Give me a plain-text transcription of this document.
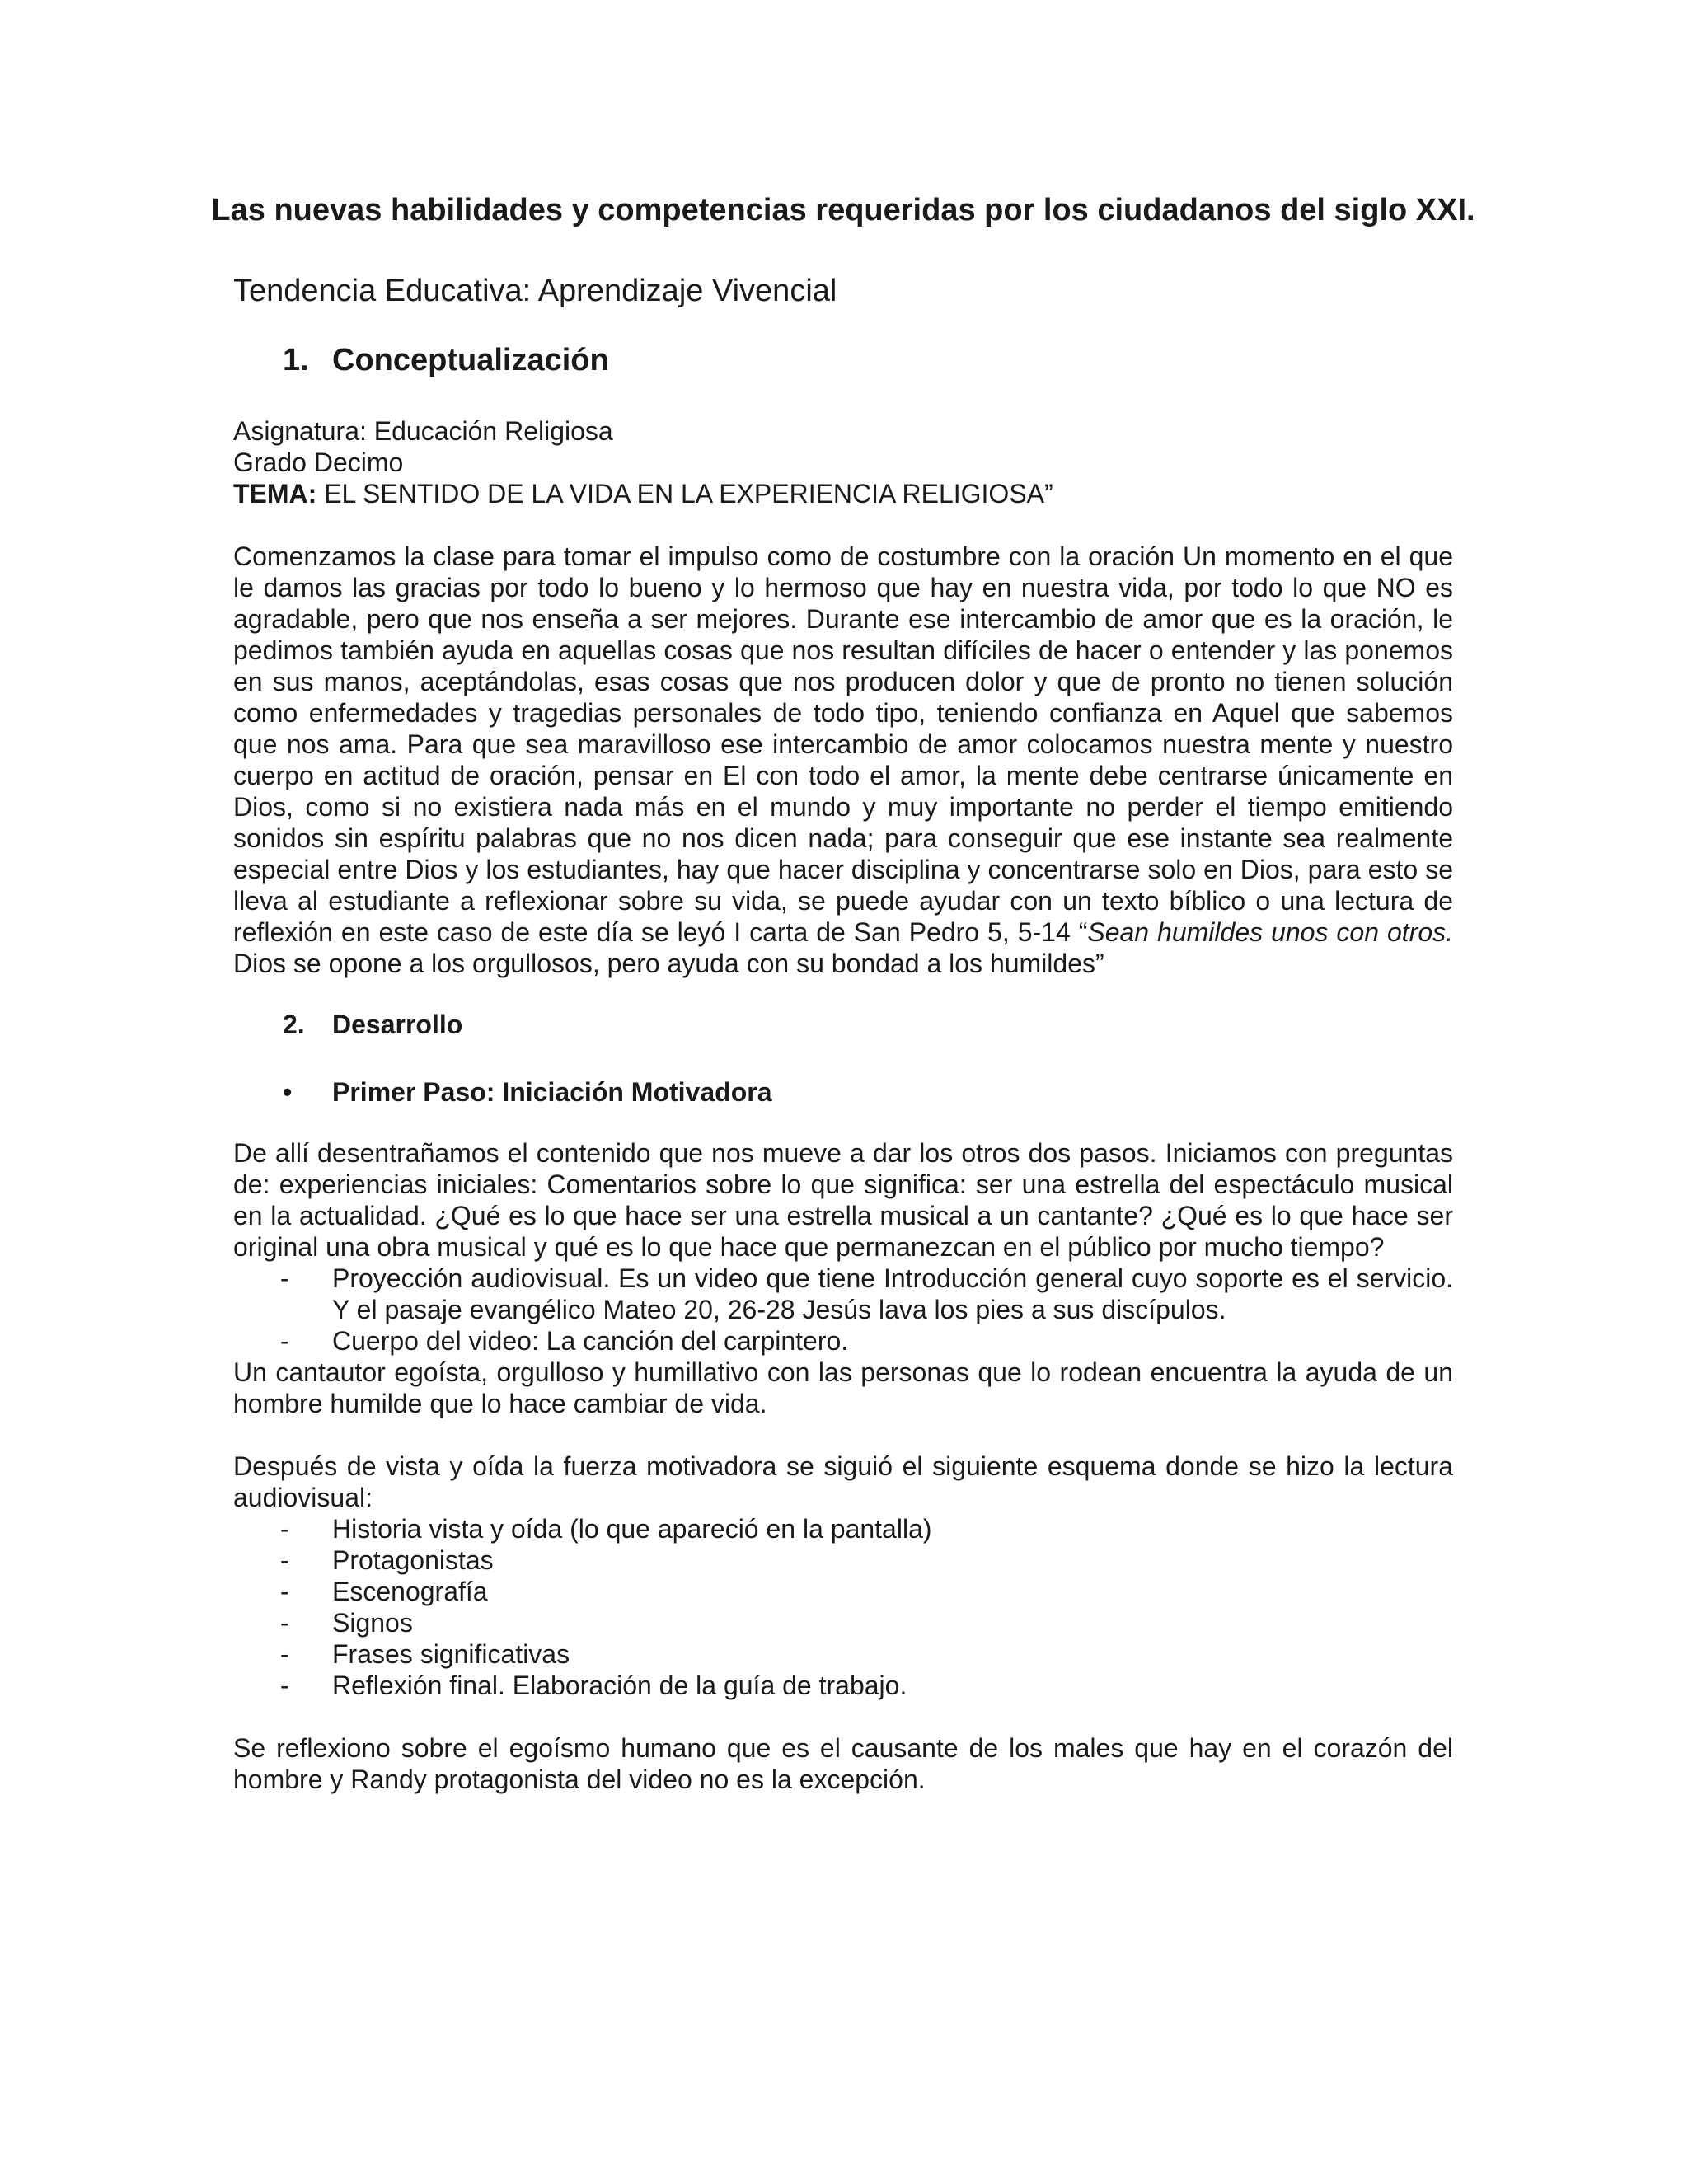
Las nuevas habilidades y competencias requeridas por los ciudadanos del siglo XXI.
Tendencia Educativa: Aprendizaje Vivencial
1. Conceptualización

Asignatura: Educación Religiosa

Grado Decimo

TEMA: EL SENTIDO DE LA VIDA EN LA EXPERIENCIA RELIGIOSA”

Comenzamos la clase para tomar el impulso como de costumbre con la oración Un momento en el que le damos las gracias por todo lo bueno y lo hermoso que hay en nuestra vida, por todo lo que NO es agradable, pero que nos enseña a ser mejores. Durante ese intercambio de amor que es la oración, le pedimos también ayuda en aquellas cosas que nos resultan difíciles de hacer o entender y las ponemos en sus manos, aceptándolas, esas cosas que nos producen dolor y que de pronto no tienen solución como enfermedades y tragedias personales de todo tipo, teniendo confianza en Aquel que sabemos que nos ama. Para que sea maravilloso ese intercambio de amor colocamos nuestra mente y nuestro cuerpo en actitud de oración, pensar en El con todo el amor, la mente debe centrarse únicamente en Dios, como si no existiera nada más en el mundo y muy importante no perder el tiempo emitiendo sonidos sin espíritu palabras que no nos dicen nada; para conseguir que ese instante sea realmente especial entre Dios y los estudiantes, hay que hacer disciplina y concentrarse solo en Dios, para esto se lleva al estudiante a reflexionar sobre su vida, se puede ayudar con un texto bíblico o una lectura de reflexión en este caso de este día se leyó I carta de San Pedro 5, 5-14 “Sean humildes unos con otros. Dios se opone a los orgullosos, pero ayuda con su bondad a los humildes”

2.	Desarrollo
•	Primer Paso: Iniciación Motivadora

De allí desentrañamos el contenido que nos mueve a dar los otros dos pasos. Iniciamos con preguntas de: experiencias iniciales: Comentarios sobre lo que significa: ser una estrella del espectáculo musical en la actualidad. ¿Qué es lo que hace ser una estrella musical a un cantante? ¿Qué es lo que hace ser original una obra musical y qué es lo que hace que permanezcan en el público por mucho tiempo?

-	Proyección audiovisual. Es un video que tiene Introducción general cuyo soporte es el servicio. Y el pasaje evangélico Mateo 20, 26-28 Jesús lava los pies a sus discípulos.
-	Cuerpo del video: La canción del carpintero.

Un cantautor egoísta, orgulloso y humillativo con las personas que lo rodean encuentra la ayuda de un hombre humilde que lo hace cambiar de vida.

Después de vista y oída la fuerza motivadora se siguió el siguiente esquema donde se hizo la lectura audiovisual:

-	Historia vista y oída (lo que apareció en la pantalla)
-	Protagonistas
-	Escenografía
-	Signos
-	Frases significativas
-	Reflexión final. Elaboración de la guía de trabajo.

Se reflexiono sobre el egoísmo humano que es el causante de los males que hay en el corazón del hombre y Randy protagonista del video no es la excepción.
